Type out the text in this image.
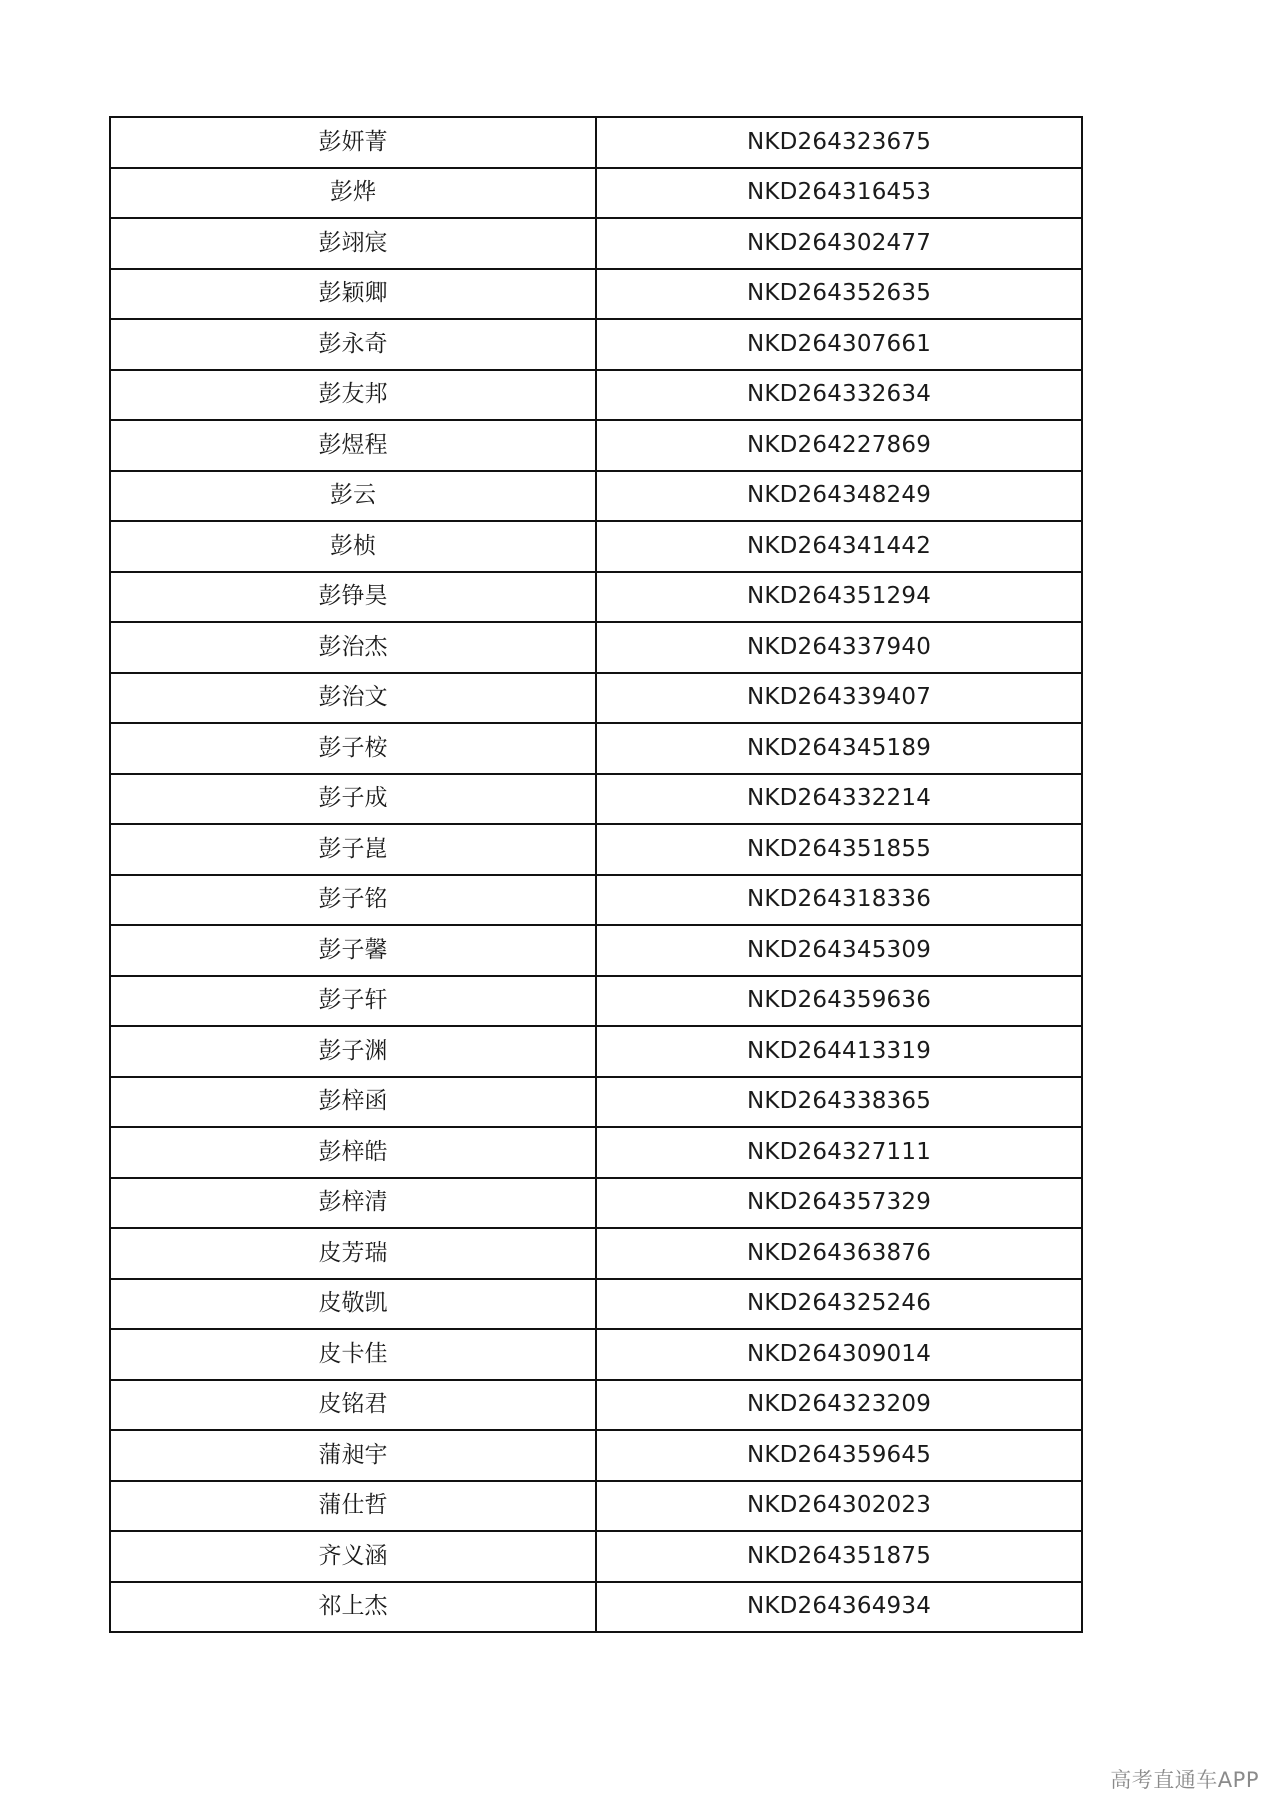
彭妍菁	NKD264323675
彭烨	NKD264316453
彭翊宸	NKD264302477
彭颖卿	NKD264352635
彭永奇	NKD264307661
彭友邦	NKD264332634
彭煜程	NKD264227869
彭云	NKD264348249
彭桢	NKD264341442
彭铮昊	NKD264351294
彭治杰	NKD264337940
彭治文	NKD264339407
彭子桉	NKD264345189
彭子成	NKD264332214
彭子崑	NKD264351855
彭子铭	NKD264318336
彭子馨	NKD264345309
彭子轩	NKD264359636
彭子渊	NKD264413319
彭梓函	NKD264338365
彭梓皓	NKD264327111
彭梓清	NKD264357329
皮芳瑞	NKD264363876
皮敬凯	NKD264325246
皮卡佳	NKD264309014
皮铭君	NKD264323209
蒲昶宇	NKD264359645
蒲仕哲	NKD264302023
齐义涵	NKD264351875
祁上杰	NKD264364934
高考直通车APP
